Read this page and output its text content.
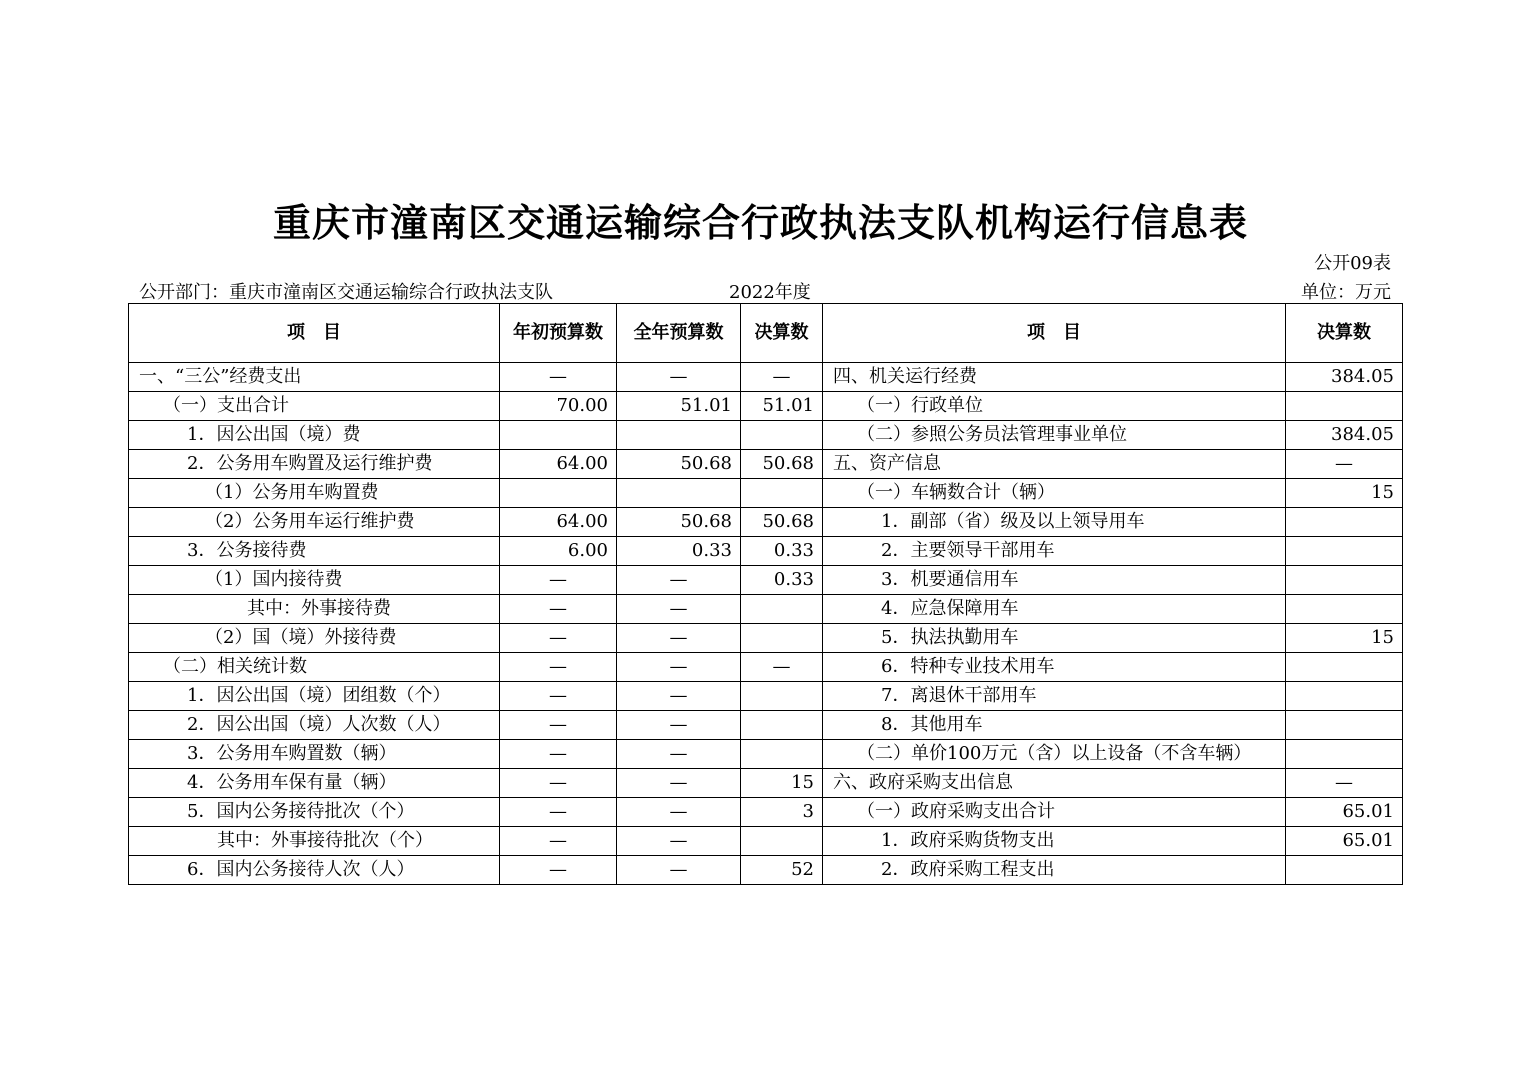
重庆市潼南区交通运输综合行政执法支队机构运行信息表
公开09表
公开部门：重庆市潼南区交通运输综合行政执法支队	2022年度	单位：万元
项　目	年初预算数	全年预算数	决算数	项　目	决算数
一、“三公”经费支出	—	—	—	四、机关运行经费	384.05
（一）支出合计	70.00	51.01	51.01	（一）行政单位	
1．因公出国（境）费				（二）参照公务员法管理事业单位	384.05
2．公务用车购置及运行维护费	64.00	50.68	50.68	五、资产信息	—
（1）公务用车购置费				（一）车辆数合计（辆）	15
（2）公务用车运行维护费	64.00	50.68	50.68	1．副部（省）级及以上领导用车	
3．公务接待费	6.00	0.33	0.33	2．主要领导干部用车	
（1）国内接待费	—	—	0.33	3．机要通信用车	
其中：外事接待费	—	—		4．应急保障用车	
（2）国（境）外接待费	—	—		5．执法执勤用车	15
（二）相关统计数	—	—	—	6．特种专业技术用车	
1．因公出国（境）团组数（个）	—	—		7．离退休干部用车	
2．因公出国（境）人次数（人）	—	—		8．其他用车	
3．公务用车购置数（辆）	—	—		（二）单价100万元（含）以上设备（不含车辆）	
4．公务用车保有量（辆）	—	—	15	六、政府采购支出信息	—
5．国内公务接待批次（个）	—	—	3	（一）政府采购支出合计	65.01
其中：外事接待批次（个）	—	—		1．政府采购货物支出	65.01
6．国内公务接待人次（人）	—	—	52	2．政府采购工程支出	
